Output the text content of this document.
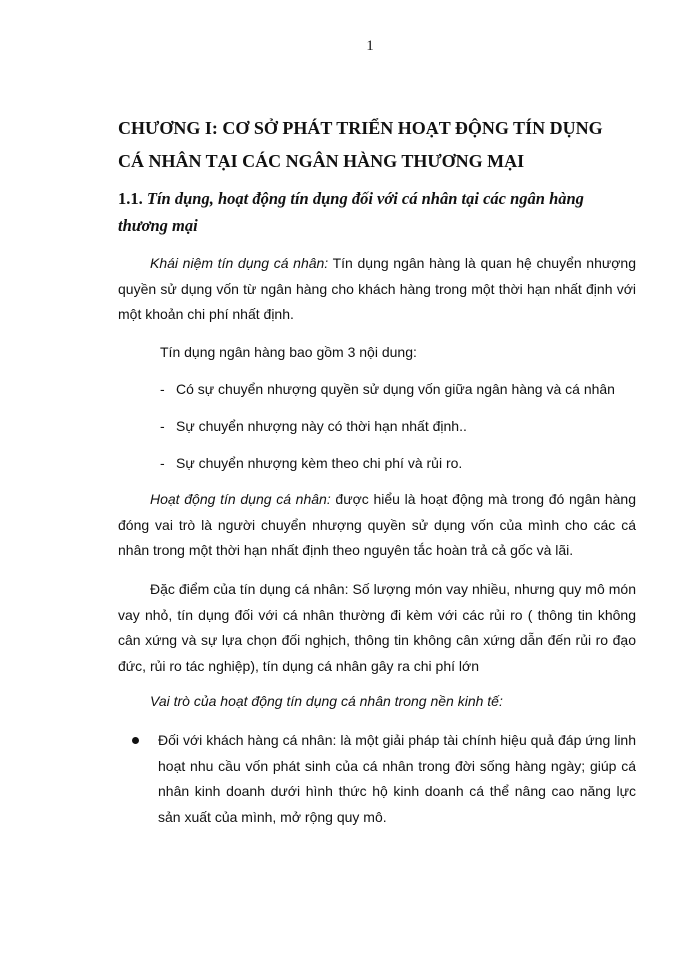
1
CHƯƠNG I: CƠ SỞ PHÁT TRIỂN HOẠT ĐỘNG TÍN DỤNG
CÁ NHÂN TẠI CÁC NGÂN HÀNG THƯƠNG MẠI
1.1. Tín dụng, hoạt động tín dụng đối với cá nhân tại các ngân hàng thương mại
Khái niệm tín dụng cá nhân: Tín dụng ngân hàng là quan hệ chuyển nhượng quyền sử dụng vốn từ ngân hàng cho khách hàng trong một thời hạn nhất định với một khoản chi phí nhất định.
Tín dụng ngân hàng bao gồm 3 nội dung:
- Có sự chuyển nhượng quyền sử dụng vốn giữa ngân hàng và cá nhân
- Sự chuyển nhượng này có thời hạn nhất định..
- Sự chuyển nhượng kèm theo chi phí và rủi ro.
Hoạt động tín dụng cá nhân: được hiểu là hoạt động mà trong đó ngân hàng đóng vai trò là người chuyển nhượng quyền sử dụng vốn của mình cho các cá nhân trong một thời hạn nhất định theo nguyên tắc hoàn trả cả gốc và lãi.
Đặc điểm của tín dụng cá nhân: Số lượng món vay nhiều, nhưng quy mô món vay nhỏ, tín dụng đối với cá nhân thường đi kèm với các rủi ro ( thông tin không cân xứng và sự lựa chọn đối nghịch, thông tin không cân xứng dẫn đến rủi ro đạo đức, rủi ro tác nghiệp), tín dụng cá nhân gây ra chi phí lớn
Vai trò của hoạt động tín dụng cá nhân trong nền kinh tế:
Đối với khách hàng cá nhân: là một giải pháp tài chính hiệu quả đáp ứng linh hoạt nhu cầu vốn phát sinh của cá nhân trong đời sống hàng ngày; giúp cá nhân kinh doanh dưới hình thức hộ kinh doanh cá thể nâng cao năng lực sản xuất của mình, mở rộng quy mô.
